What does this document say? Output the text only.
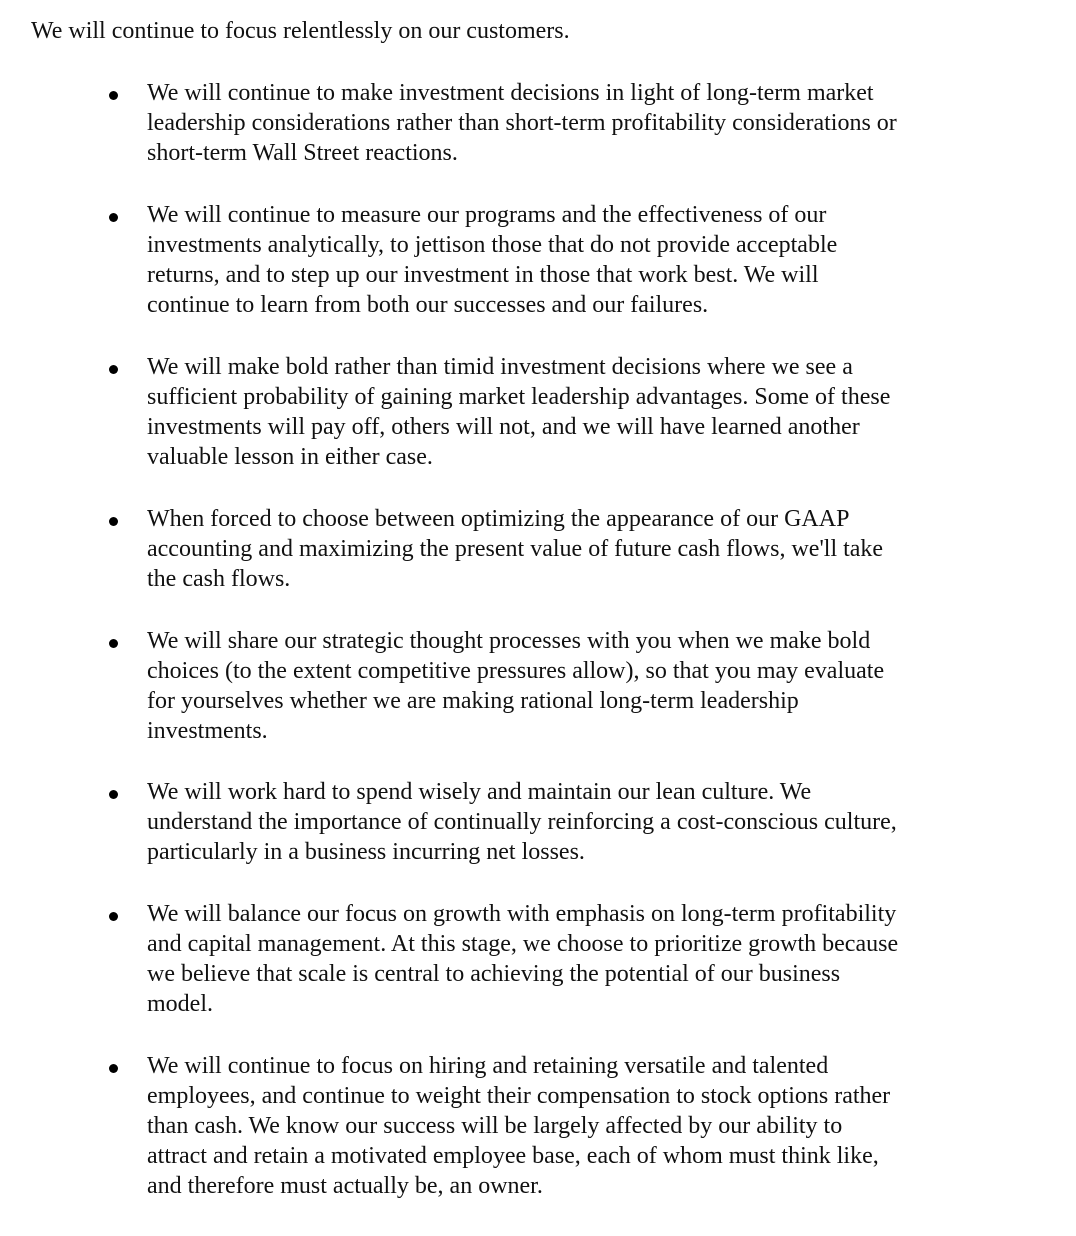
We will continue to focus relentlessly on our customers.

We will continue to make investment decisions in light of long-term market
leadership considerations rather than short-term profitability considerations or
short-term Wall Street reactions.

We will continue to measure our programs and the effectiveness of our
investments analytically, to jettison those that do not provide acceptable
returns, and to step up our investment in those that work best. We will
continue to learn from both our successes and our failures.

We will make bold rather than timid investment decisions where we see a
sufficient probability of gaining market leadership advantages. Some of these
investments will pay off, others will not, and we will have learned another
valuable lesson in either case.

When forced to choose between optimizing the appearance of our GAAP
accounting and maximizing the present value of future cash flows, we'll take
the cash flows.

We will share our strategic thought processes with you when we make bold
choices (to the extent competitive pressures allow), so that you may evaluate
for yourselves whether we are making rational long-term leadership
investments.

We will work hard to spend wisely and maintain our lean culture. We
understand the importance of continually reinforcing a cost-conscious culture,
particularly in a business incurring net losses.

We will balance our focus on growth with emphasis on long-term profitability
and capital management. At this stage, we choose to prioritize growth because
we believe that scale is central to achieving the potential of our business
model.

We will continue to focus on hiring and retaining versatile and talented
employees, and continue to weight their compensation to stock options rather
than cash. We know our success will be largely affected by our ability to
attract and retain a motivated employee base, each of whom must think like,
and therefore must actually be, an owner.
